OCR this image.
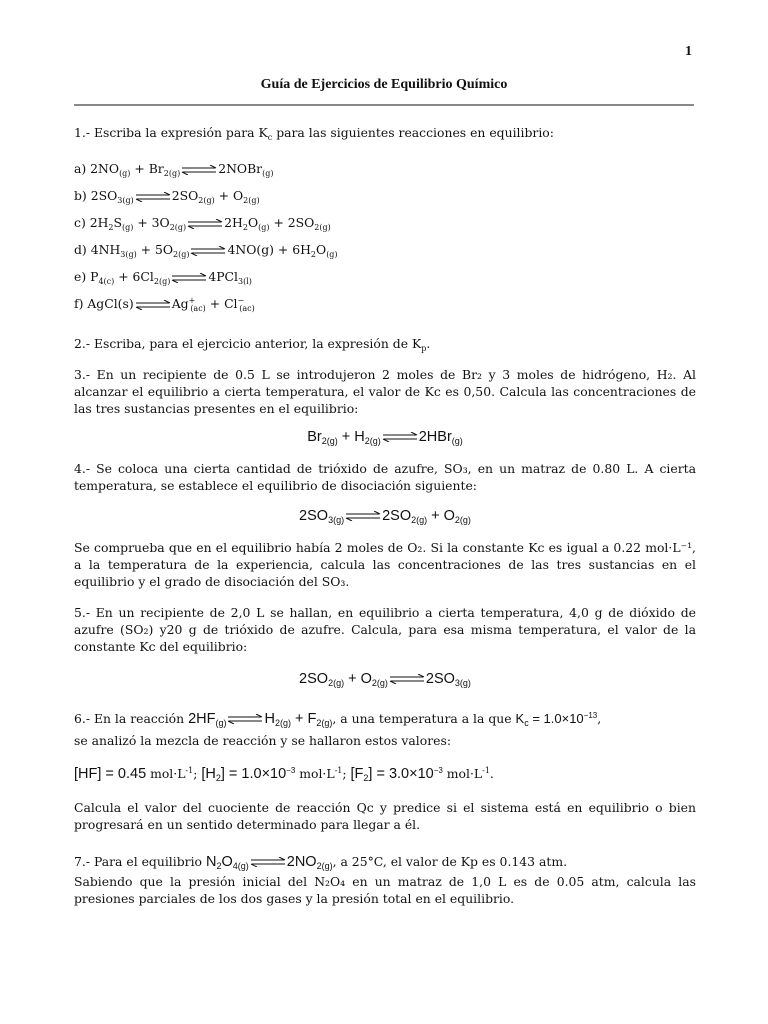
1
Guía de Ejercicios de Equilibrio Químico

1.- Escriba la expresión para $K_c$ para las siguientes reacciones en equilibrio:

a) $2NO_{(g)} + Br_{2(g)}$	2NOBr$_{(g)}$
b) $2SO_{3(g)}$	$2SO_{2(g)} + O_{2(g)}$
c) $2H_2S_{(g)} + 3O_{2(g)}$	$2H_2O_{(g)} + 2SO_{2(g)}$
d) $4NH_{3(g)} + 5O_{2(g)}$	$4NO(g) + 6H_2O_{(g)}$
e) $P_{4(c)} + 6Cl_{2(g)}$	4PCl$_{3(l)}$
f) AgCl(s)	$Ag^+_{(ac)} + Cl^-_{(ac)}$

2.- Escriba, para el ejercicio anterior, la expresión de $K_p$.

3.- En un recipiente de 0.5 L se introdujeron 2 moles de Br₂ y 3 moles de hidrógeno, H₂. Al alcanzar el equilibrio a cierta temperatura, el valor de Kc es 0,50. Calcula las concentraciones de las tres sustancias presentes en el equilibrio:

$Br_{2(g)} + H_{2(g)}$	2HBr$_{(g)}$

4.- Se coloca una cierta cantidad de trióxido de azufre, SO₃, en un matraz de 0.80 L. A cierta temperatura, se establece el equilibrio de disociación siguiente:

$2SO_{3(g)}$	$2SO_{2(g)} + O_{2(g)}$

Se comprueba que en el equilibrio había 2 moles de O₂. Si la constante Kc es igual a 0.22 mol·L⁻¹, a la temperatura de la experiencia, calcula las concentraciones de las tres sustancias en el equilibrio y el grado de disociación del SO₃.

5.- En un recipiente de 2,0 L se hallan, en equilibrio a cierta temperatura, 4,0 g de dióxido de azufre (SO₂) y20 g de trióxido de azufre. Calcula, para esa misma temperatura, el valor de la constante Kc del equilibrio:

$2SO_{2(g)} + O_{2(g)}$	$2SO_{3(g)}$

6.- En la reacción $2HF_{(g)}$	$H_{2(g)} + F_{2(g)}$, a una temperatura a la que $K_c = 1.0\times 10^{-13}$,

se analizó la mezcla de reacción y se hallaron estos valores:

[HF] = 0.45 $mol\cdot L^{-1}$; $[H_2] = 1.0\times 10^{-3}$ $mol\cdot L^{-1}$; $[F_2] = 3.0\times 10^{-3}$ $mol\cdot L^{-1}$.

Calcula el valor del cuociente de reacción Qc y predice si el sistema está en equilibrio o bien progresará en un sentido determinado para llegar a él.

7.- Para el equilibrio $N_2O_{4(g)}$	$2NO_{2(g)}$, a 25°C, el valor de Kp es 0.143 atm.

Sabiendo que la presión inicial del N₂O₄ en un matraz de 1,0 L es de 0.05 atm, calcula las presiones parciales de los dos gases y la presión total en el equilibrio.
